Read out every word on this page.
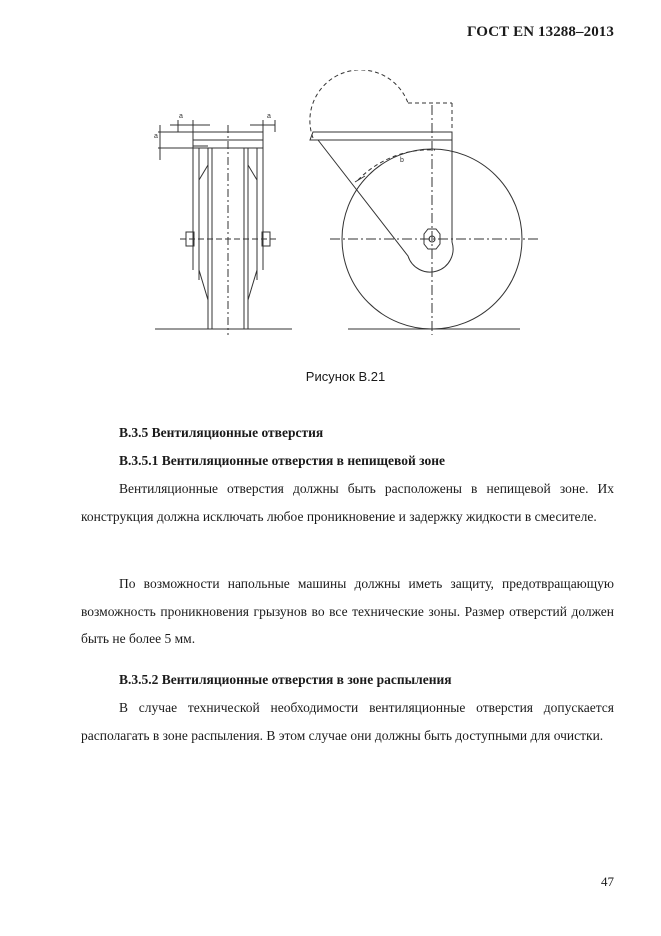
ГОСТ EN 13288–2013
a	a
a
b
Рисунок В.21
В.3.5 Вентиляционные отверстия
В.3.5.1 Вентиляционные отверстия в непищевой зоне

Вентиляционные отверстия должны быть расположены в непищевой зоне. Их конструкция должна исключать любое проникновение и задержку жидкости в смесителе.

По возможности напольные машины должны иметь защиту, предотвращающую возможность проникновения грызунов во все технические зоны. Размер отверстий должен быть не более 5 мм.

В.3.5.2 Вентиляционные отверстия в зоне распыления

В случае технической необходимости вентиляционные отверстия допускается располагать в зоне распыления. В этом случае они должны быть доступными для очистки.

47
